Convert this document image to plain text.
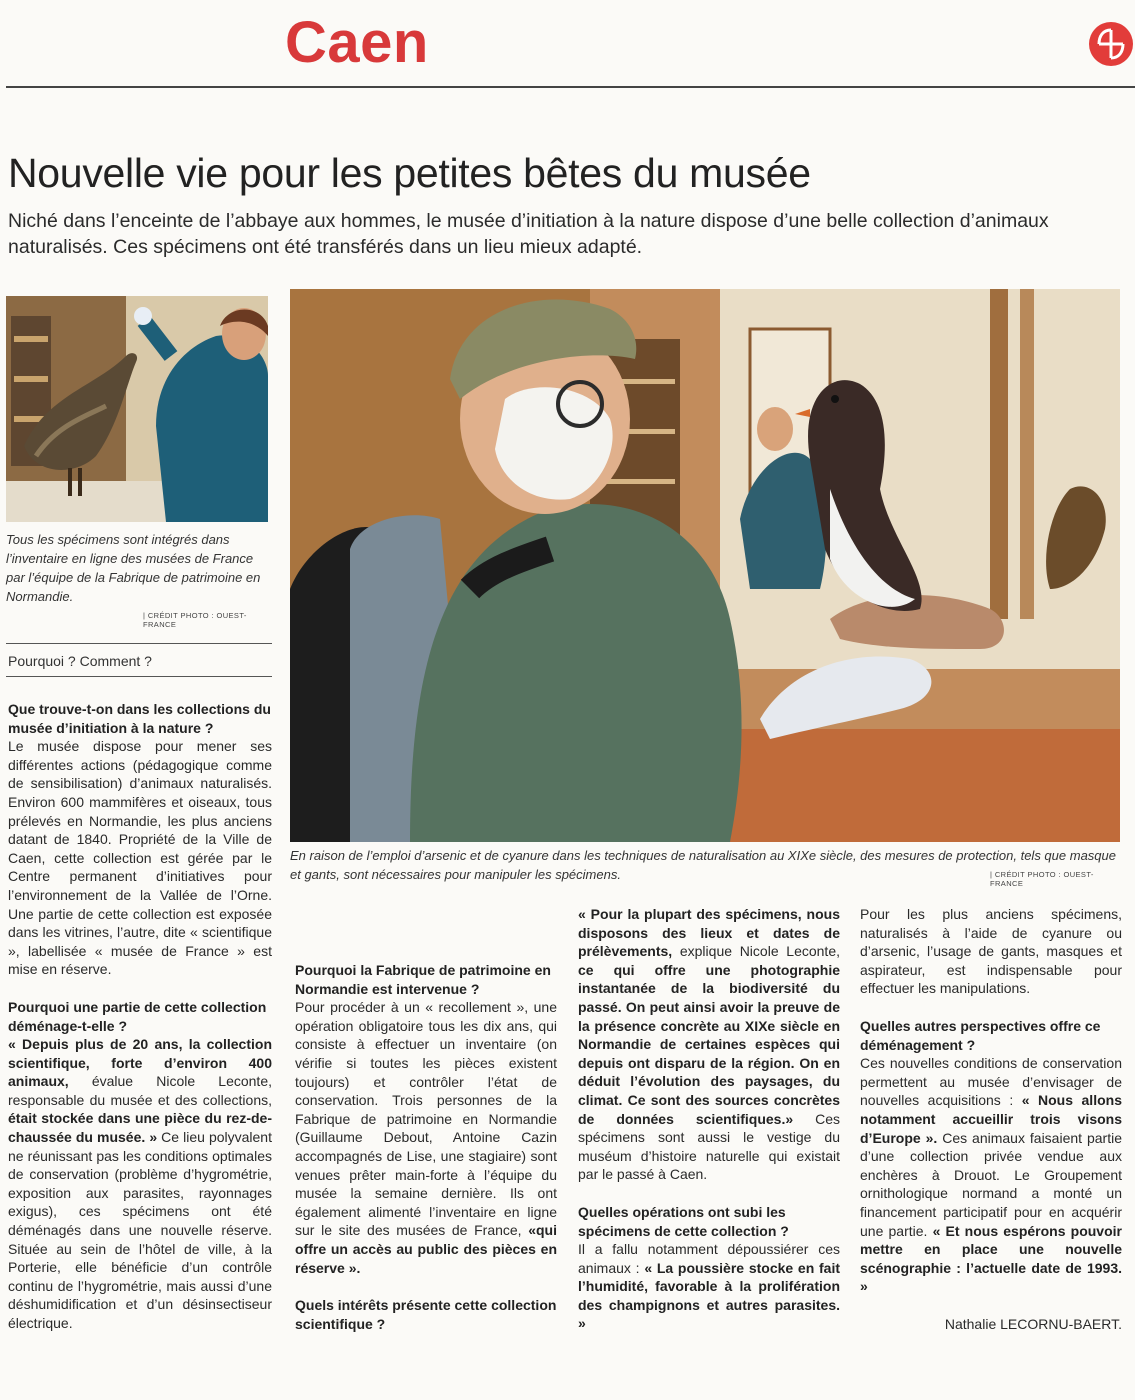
Caen
Nouvelle vie pour les petites bêtes du musée
Niché dans l’enceinte de l’abbaye aux hommes, le musée d’initiation à la nature dispose d’une belle collection d’animaux naturalisés. Ces spécimens ont été transférés dans un lieu mieux adapté.
Tous les spécimens sont intégrés dans l’inventaire en ligne des musées de France par l’équipe de la Fabrique de patrimoine en Normandie.
| CRÉDIT PHOTO : OUEST-FRANCE
En raison de l’emploi d’arsenic et de cyanure dans les techniques de naturalisation au XIXe siècle, des mesures de protection, tels que masque et gants, sont nécessaires pour manipuler les spécimens.	| CRÉDIT PHOTO : OUEST-FRANCE
Pourquoi ? Comment ?
Que trouve-t-on dans les collections du musée d’initiation à la nature ?

Le musée dispose pour mener ses différentes actions (pédagogique comme de sensibilisation) d’animaux naturalisés. Environ 600 mammifères et oiseaux, tous prélevés en Normandie, les plus anciens datant de 1840. Propriété de la Ville de Caen, cette collection est gérée par le Centre permanent d’initiatives pour l’environnement de la Vallée de l’Orne. Une partie de cette collection est exposée dans les vitrines, l’autre, dite « scientifique », labellisée « musée de France » est mise en réserve.

Pourquoi une partie de cette collection déménage-t-elle ?

« Depuis plus de 20 ans, la collection scientifique, forte d’environ 400 animaux, évalue Nicole Leconte, responsable du musée et des collections, était stockée dans une pièce du rez-de-chaussée du musée. » Ce lieu polyvalent ne réunissant pas les conditions optimales de conservation (problème d’hygrométrie, exposition aux parasites, rayonnages exigus), ces spécimens ont été déménagés dans une nouvelle réserve. Située au sein de l’hôtel de ville, à la Porterie, elle bénéficie d’un contrôle continu de l’hygrométrie, mais aussi d’une déshumidification et d’un désinsectiseur électrique.

Pourquoi la Fabrique de patrimoine en Normandie est intervenue ?

Pour procéder à un « recollement », une opération obligatoire tous les dix ans, qui consiste à effectuer un inventaire (on vérifie si toutes les pièces existent toujours) et contrôler l’état de conservation. Trois personnes de la Fabrique de patrimoine en Normandie (Guillaume Debout, Antoine Cazin accompagnés de Lise, une stagiaire) sont venues prêter main-forte à l’équipe du musée la semaine dernière. Ils ont également alimenté l’inventaire en ligne sur le site des musées de France, «qui offre un accès au public des pièces en réserve ».

Quels intérêts présente cette collection scientifique ?

« Pour la plupart des spécimens, nous disposons des lieux et dates de prélèvements, explique Nicole Leconte, ce qui offre une photographie instantanée de la biodiversité du passé. On peut ainsi avoir la preuve de la présence concrète au XIXe siècle en Normandie de certaines espèces qui depuis ont disparu de la région. On en déduit l’évolution des paysages, du climat. Ce sont des sources concrètes de données scientifiques.» Ces spécimens sont aussi le vestige du muséum d’histoire naturelle qui existait par le passé à Caen.

Quelles opérations ont subi les spécimens de cette collection ?

Il a fallu notamment dépoussiérer ces animaux : « La poussière stocke en fait l’humidité, favorable à la prolifération des champignons et autres parasites. »

Pour les plus anciens spécimens, naturalisés à l’aide de cyanure ou d’arsenic, l’usage de gants, masques et aspirateur, est indispensable pour effectuer les manipulations.

Quelles autres perspectives offre ce déménagement ?

Ces nouvelles conditions de conservation permettent au musée d’envisager de nouvelles acquisitions : « Nous allons notamment accueillir trois visons d’Europe ». Ces animaux faisaient partie d’une collection privée vendue aux enchères à Drouot. Le Groupement ornithologique normand a monté un financement participatif pour en acquérir une partie. « Et nous espérons pouvoir mettre en place une nouvelle scénographie : l’actuelle date de 1993. »

Nathalie LECORNU-BAERT.
